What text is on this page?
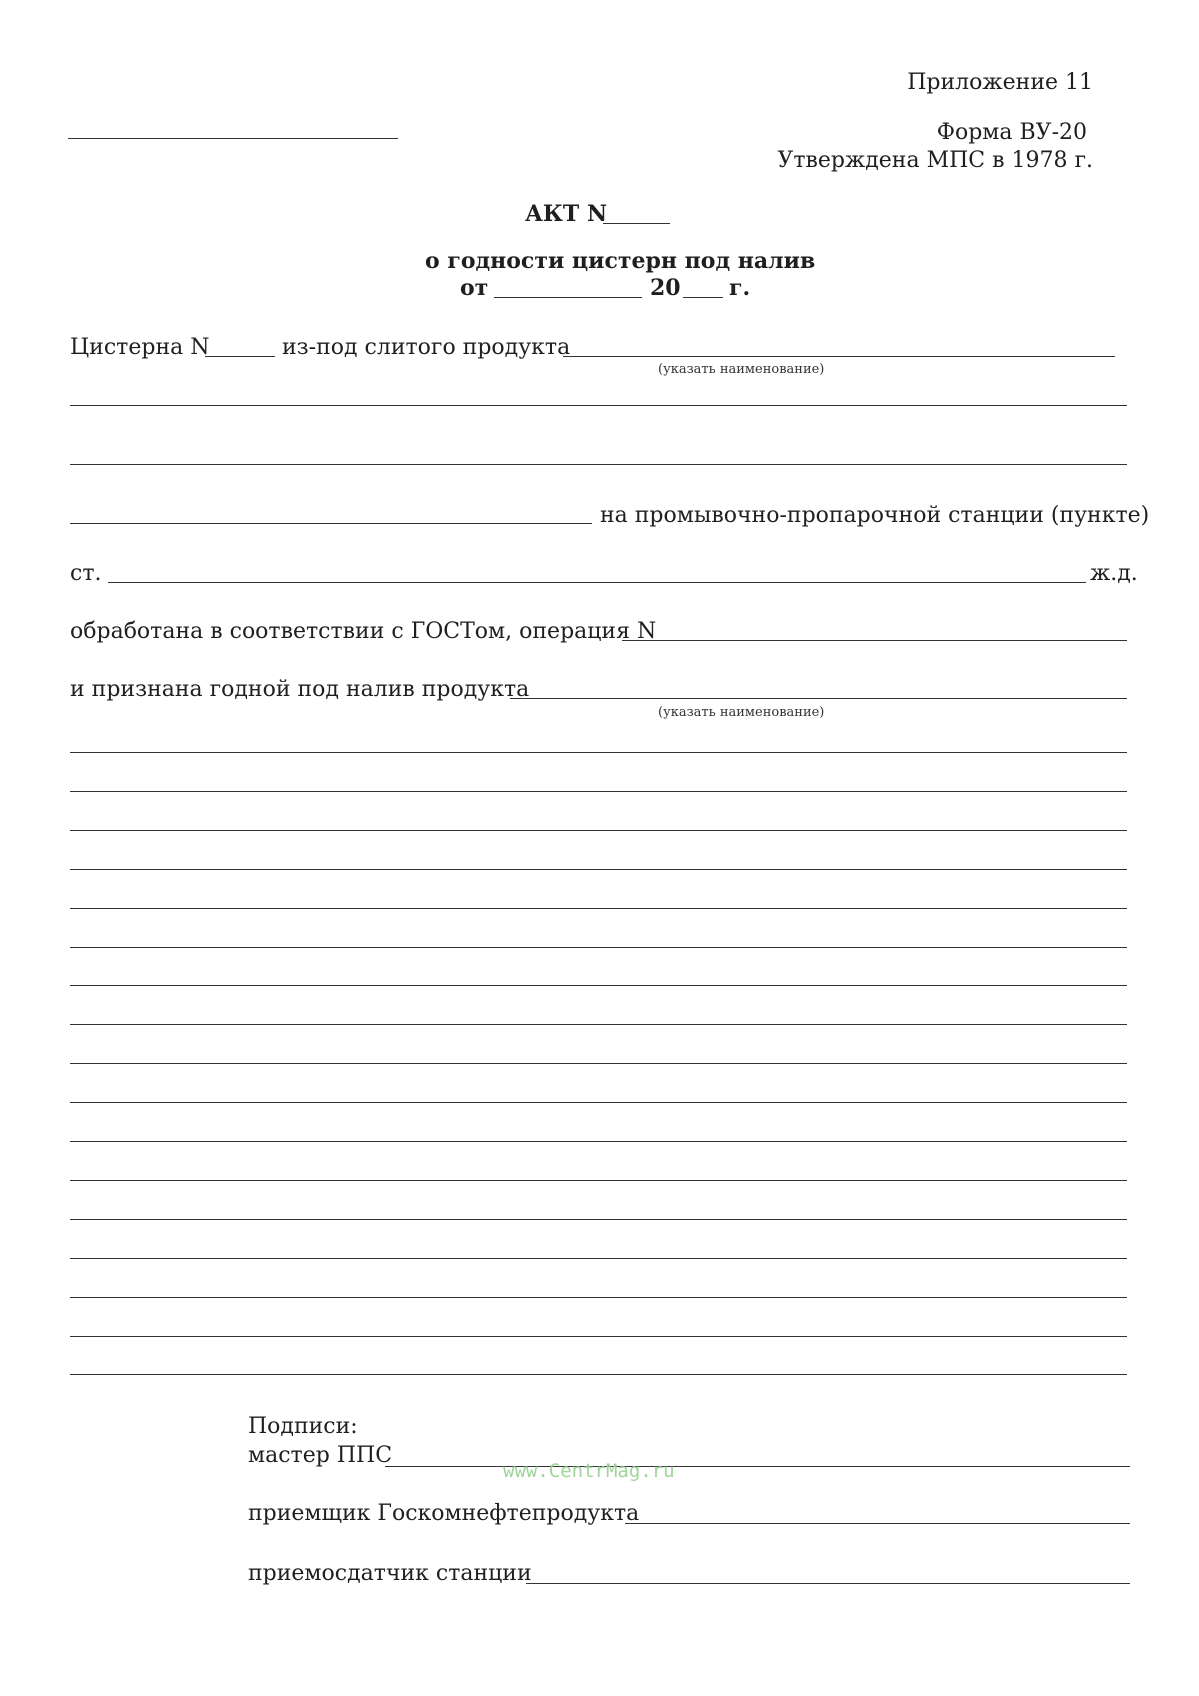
Приложение 11
Форма ВУ-20
Утверждена МПС в 1978 г.
АКТ N
о годности цистерн под налив
от	20 г.
Цистерна N	из-под слитого продукта
(указать наименование)
на промывочно-пропарочной станции (пункте)
ст.	ж.д.
обработана в соответствии с ГОСТом, операция N
и признана годной под налив продукта
(указать наименование)
Подписи:
мастер ППС
www.CentrMag.ru
приемщик Госкомнефтепродукта
приемосдатчик станции
